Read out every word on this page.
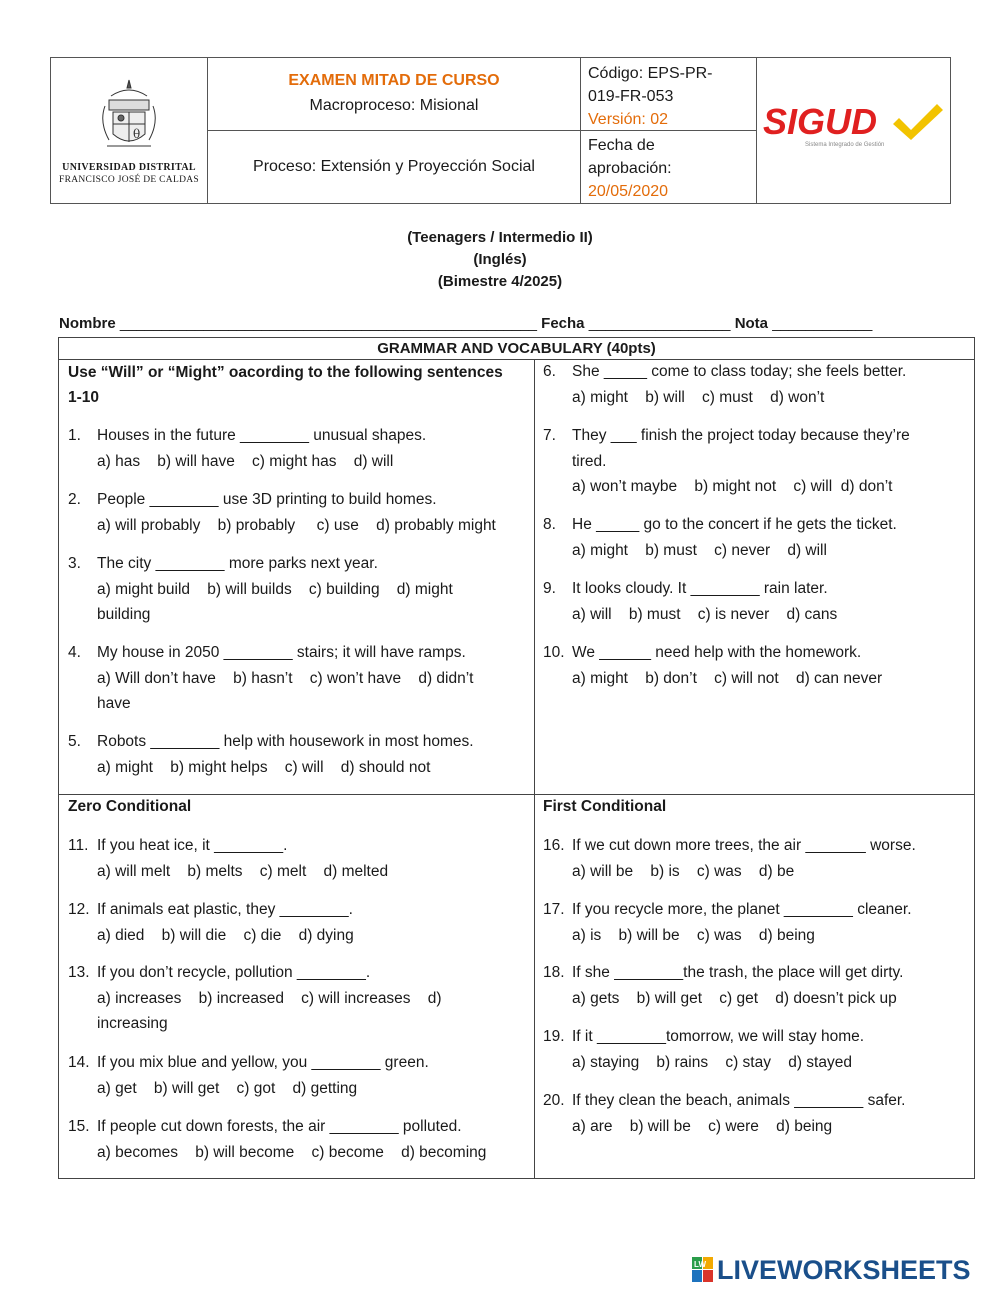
θ
UNIVERSIDAD DISTRITAL
FRANCISCO JOSÉ DE CALDAS
EXAMEN MITAD DE CURSO
Macroproceso: Misional
Proceso: Extensión y Proyección Social
Código: EPS-PR-
019-FR-053
Versión: 02
Fecha de
aprobación:
20/05/2020
SIGUD
Sistema Integrado de Gestión
(Teenagers / Intermedio II)
(Inglés)
(Bimestre 4/2025)
Nombre __________________________________________________ Fecha _________________ Nota ____________
GRAMMAR AND VOCABULARY (40pts)
Use “Will” or “Might” oacording to the following sentences
1-10
1. Houses in the future ________ unusual shapes.
a) has    b) will have    c) might has    d) will
2. People ________ use 3D printing to build homes.
a) will probably    b) probably     c) use    d) probably might
3. The city ________ more parks next year.
a) might build    b) will builds    c) building    d) might
building
4. My house in 2050 ________ stairs; it will have ramps.
a) Will don’t have    b) hasn’t    c) won’t have    d) didn’t
have
5. Robots ________ help with housework in most homes.
a) might    b) might helps    c) will    d) should not
6. She _____ come to class today; she feels better.
a) might    b) will    c) must    d) won’t
7. They ___ finish the project today because they’re
tired.
a) won’t maybe    b) might not    c) will  d) don’t
8. He _____ go to the concert if he gets the ticket.
a) might    b) must    c) never    d) will
9. It looks cloudy. It ________ rain later.
a) will    b) must    c) is never    d) cans
10. We ______ need help with the homework.
a) might    b) don’t    c) will not    d) can never
Zero Conditional	First Conditional
11. If you heat ice, it ________.
a) will melt    b) melts    c) melt    d) melted
12. If animals eat plastic, they ________.
a) died    b) will die    c) die    d) dying
13. If you don’t recycle, pollution ________.
a) increases    b) increased    c) will increases    d)
increasing
14. If you mix blue and yellow, you ________ green.
a) get    b) will get    c) got    d) getting
15. If people cut down forests, the air ________ polluted.
a) becomes    b) will become    c) become    d) becoming
16. If we cut down more trees, the air _______ worse.
a) will be    b) is    c) was    d) be
17. If you recycle more, the planet ________ cleaner.
a) is    b) will be    c) was    d) being
18. If she ________the trash, the place will get dirty.
a) gets    b) will get    c) get    d) doesn’t pick up
19. If it ________tomorrow, we will stay home.
a) staying    b) rains    c) stay    d) stayed
20. If they clean the beach, animals ________ safer.
a) are    b) will be    c) were    d) being
LW LIVEWORKSHEETS
